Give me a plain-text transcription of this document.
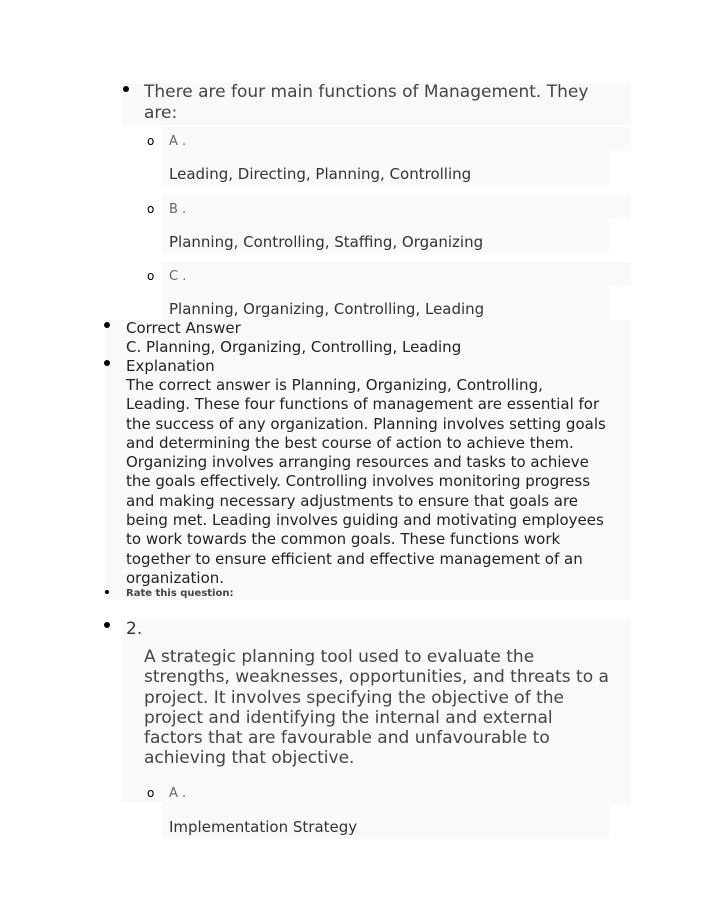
There are four main functions of Management. They are:
o A .
Leading, Directing, Planning, Controlling
o B .
Planning, Controlling, Staffing, Organizing
o C .
Planning, Organizing, Controlling, Leading
Correct Answer
C. Planning, Organizing, Controlling, Leading
Explanation
The correct answer is Planning, Organizing, Controlling,
Leading. These four functions of management are essential for
the success of any organization. Planning involves setting goals
and determining the best course of action to achieve them.
Organizing involves arranging resources and tasks to achieve
the goals effectively. Controlling involves monitoring progress
and making necessary adjustments to ensure that goals are
being met. Leading involves guiding and motivating employees
to work towards the common goals. These functions work
together to ensure efficient and effective management of an
organization.
Rate this question:
2.
A strategic planning tool used to evaluate the
strengths, weaknesses, opportunities, and threats to a
project. It involves specifying the objective of the
project and identifying the internal and external
factors that are favourable and unfavourable to
achieving that objective.
o A .
Implementation Strategy
